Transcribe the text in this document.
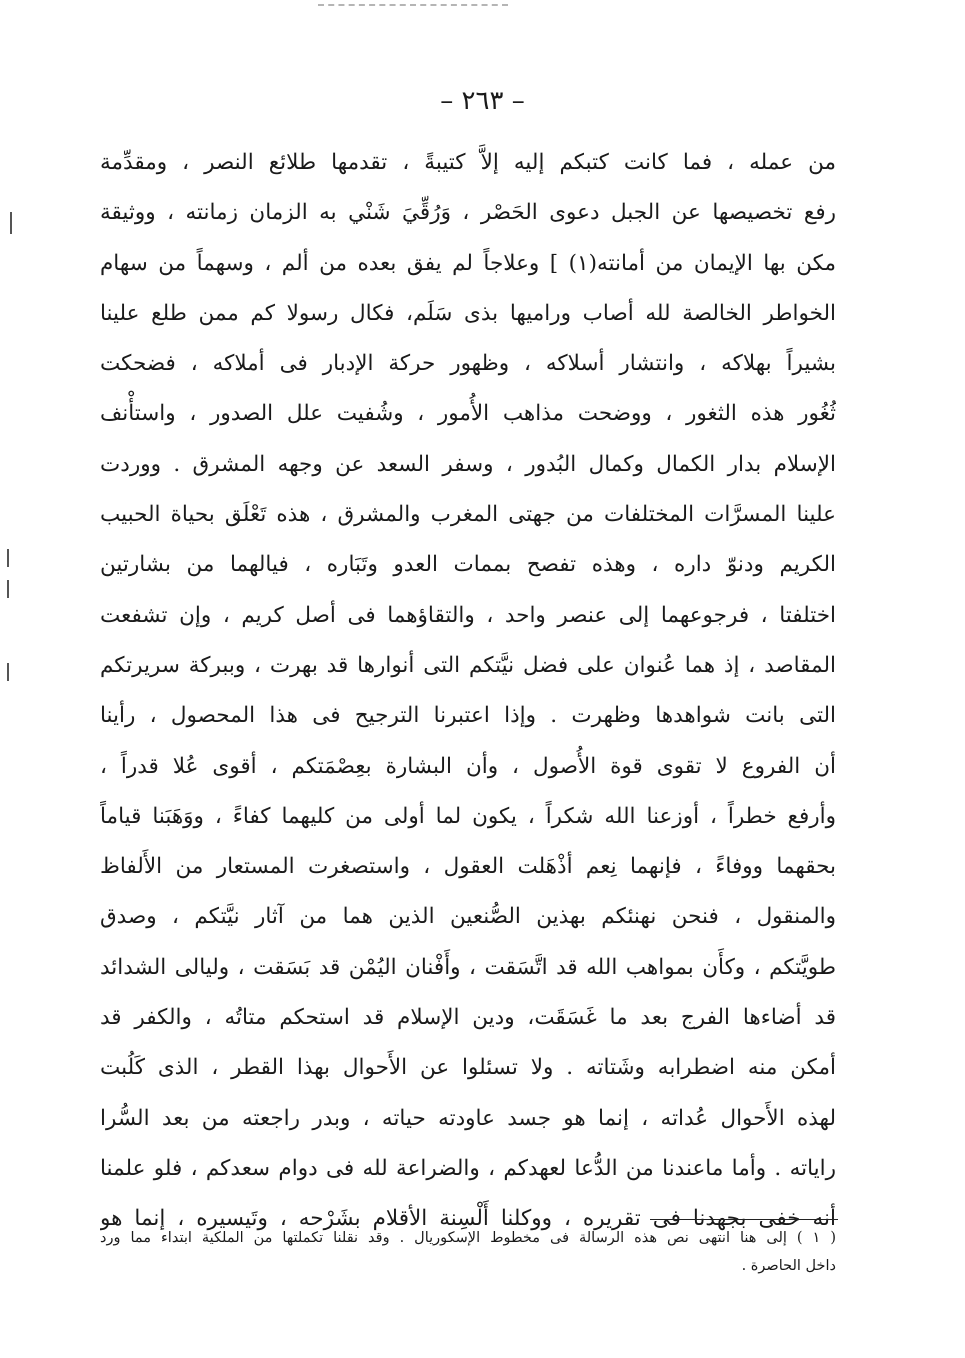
– ٢٦٣ –
من عمله ، فما كانت كتبكم إليه إلاَّ كتيبةً ، تقدمها طلائع النصر ، ومقدِّمة
رفع تخصيصها عن الجبل دعوى الحَصْر ، وَرُقِّيَ شَنْي به الزمان زمانته ، ووثيقة
مكن بها الإيمان من أمانته(١) ] وعلاجاً لم يفق بعده من ألم ، وسهماً من سهام
الخواطر الخالصة لله أصاب وراميها بذى سَلَم، فكال رسولا كم ممن طلع علينا
بشيراً بهلاكه ، وانتشار أسلاكه ، وظهور حركة الإدبار فى أملاكه ، فضحكت
ثُغُور هذه الثغور ، ووضحت مذاهب الأُمور ، وشُفيت علل الصدور ، واستأْنف
الإسلام بدار الكمال وكمال البُدور ، وسفر السعد عن وجهه المشرق . ووردت
علينا المسرَّات المختلفات من جهتى المغرب والمشرق ، هذه تَعْلَق بحياة الحبيب
الكريم ودنوّ داره ، وهذه تفصح بممات العدو وتَبَاره ، فيالهما من بشارتين
اختلفتا ، فرجوعهما إلى عنصر واحد ، والتقاؤهما فى أصل كريم ، وإن تشفعت
المقاصد ، إذ هما عُنوان على فضل نيَّتكم التى أنوارها قد بهرت ، وببركة سريرتكم
التى بانت شواهدها وظهرت . وإذا اعتبرنا الترجيح فى هذا المحصول ، رأينا
أن الفروع لا تقوى قوة الأُصول ، وأن البشارة بعِصْمَتكم ، أقوى عُلا قدراً ،
وأرفع خطراً ، أوزعنا الله شكراً ، يكون لما أولى من كليهما كفاءً ، ووَهَبَنا قياماً
بحقهما ووفاءً ، فإنهما نِعم أذْهَلت العقول ، واستصغرت المستعار من الأَلفاظ
والمنقول ، فنحن نهنئكم بهذين الصُّنعين الذين هما من آثار نيَّتكم ، وصدق
طويَّتكم ، وكأَن بمواهب الله قد اتَّسَقت ، وأَفْنان اليُمْن قد بَسَقت ، وليالى الشدائد
قد أضاءها الفرج بعد ما غَسَقَت، ودين الإسلام قد استحكم متاتُه ، والكفر قد
أمكن منه اضطرابه وشَتاته . ولا تسئلوا عن الأَحوال بهذا القطر ، الذى كَلُبت
لهذه الأَحوال عُداته ، إنما هو جسد عاودته حياته ، وبدر راجعته من بعد السُّرا
راياته . وأما ماعندنا من الدُّعا لعهدكم ، والضراعة لله فى دوام سعدكم ، فلو علمنا
أنه خفى بجهدنا فى تقريره ، ووكلنا أَلْسِنة الأقلام بشَرْحه ، وتَيسيره ، إنما هو
( ١ ) إلى هنا انتهى نص هذه الرسالة فى مخطوط الإسكوريال . وقد نقلنا تكملتها من الملكية ابتداء مما ورد
داخل الحاصرة .
